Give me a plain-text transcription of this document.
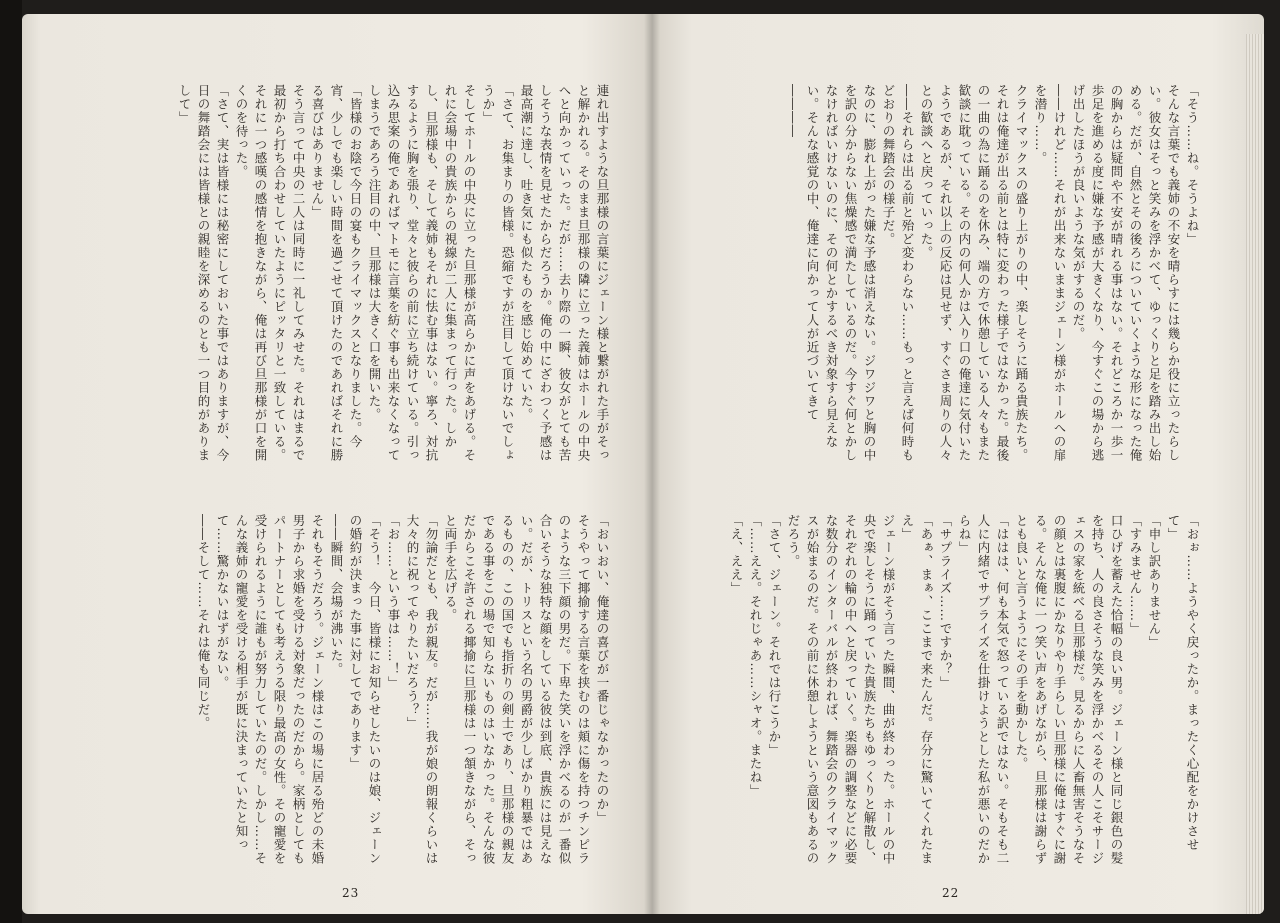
連れ出すような旦那様の言葉にジェーン様と繋がれた手がそっと解かれる。そのまま旦那様の隣に立った義姉はホールの中央へと向かっていった。だが……去り際の一瞬、彼女がとても苦しそうな表情を見せたからだろうか。俺の中にざわつく予感は最高潮に達し、吐き気にも似たものを感じ始めていた。
「さて、お集まりの皆様。恐縮ですが注目して頂けないでしょうか」
そしてホールの中央に立った旦那様が高らかに声をあげる。それに会場中の貴族からの視線が二人に集まって行った。しかし、旦那様も、そして義姉もそれに怯む事はない。寧ろ、対抗するように胸を張り、堂々と彼らの前に立ち続けている。引っ込み思案の俺であればマトモに言葉を紡ぐ事も出来なくなってしまうであろう注目の中、旦那様は大きく口を開いた。
「皆様のお陰で今日の宴もクライマックスとなりました。今宵、少しでも楽しい時間を過ごせて頂けたのであればそれに勝る喜びはありません」
そう言って中央の二人は同時に一礼してみせた。それはまるで最初から打ち合わせしていたようにピッタリと一致している。それに一つ感嘆の感情を抱きながら、俺は再び旦那様が口を開くのを待った。
「さて、実は皆様には秘密にしておいた事ではありますが、今日の舞踏会には皆様との親睦を深めるのとも一つ目的がありまして」
「おいおい、俺達の喜びが一番じゃなかったのか」
そうやって揶揄する言葉を挟むのは頬に傷を持つチンピラのような三下顔の男だ。下卑た笑いを浮かべるのが一番似合いそうな独特な顔をしている彼は到底、貴族には見えない。だが、トリスという名の男爵が少しばかり粗暴ではあるものの、この国でも指折りの剣士であり、旦那様の親友である事をこの場で知らないものはいなかった。そんな彼だからこそ許される揶揄に旦那様は一つ頷きながら、そっと両手を広げる。
「勿論だとも、我が親友。だが……我が娘の朗報くらいは大々的に祝ってやりたいだろう？」
「お……という事は……！」
「そう！　今日、皆様にお知らせしたいのは娘、ジェーンの婚約が決まった事に対してであります」
――瞬間、会場が沸いた。
それもそうだろう。ジェーン様はこの場に居る殆どの未婚男子から求婚を受ける対象だったのだから。家柄としてもパートナーとしても考えうる限り最高の女性。その寵愛を受けられるように誰もが努力していたのだ。しかし……そんな義姉の寵愛を受ける相手が既に決まっていたと知って……驚かないはずがない。
――そして……それは俺も同じだ。
23
「そう……ね。そうよね」
そんな言葉でも義姉の不安を晴らすには幾らか役に立ったらしい。彼女はそっと笑みを浮かべて、ゆっくりと足を踏み出し始める。だが、自然とその後ろについていくような形になった俺の胸からは疑問や不安が晴れる事はない。それどころか一歩一歩足を進める度に嫌な予感が大きくなり、今すぐこの場から逃げ出したほうが良いような気がするのだ。
――けれど……それが出来ないままジェーン様がホールへの扉を潜り……。
クライマックスの盛り上がりの中、楽しそうに踊る貴族たち。それは俺達が出る前とは特に変わった様子ではなかった。最後の一曲の為に踊るのを休み、端の方で休憩している人々もまた歓談に耽っている。その内の何人かは入り口の俺達に気付いたようであるが、それ以上の反応は見せず、すぐさま周りの人々との歓談へと戻っていった。
――それらは出る前と殆ど変わらない……もっと言えば何時もどおりの舞踏会の様子だ。
なのに、膨れ上がった嫌な予感は消えない。ジワジワと胸の中を訳の分からない焦燥感で満たしているのだ。今すぐ何とかしなければいけないのに、その何とかするべき対象すら見えない。そんな感覚の中、俺達に向かって人が近づいてきて――――
「おぉ……ようやく戻ったか。まったく心配をかけさせて」
「申し訳ありません」
「すみません……」
口ひげを蓄えた恰幅の良い男。ジェーン様と同じ銀色の髪を持ち、人の良さそうな笑みを浮かべるその人こそサージェスの家を統べる旦那様だ。見るからに人畜無害そうなその顔とは裏腹にかなりやり手らしい旦那様に俺はすぐに謝る。そんな俺に一つ笑い声をあげながら、旦那様は謝らずとも良いと言うようにその手を動かした。
「ははは、何も本気で怒っている訳ではない。そもそも二人に内緒でサプライズを仕掛けようとした私が悪いのだからね」
「サプライズ……ですか？」
「あぁ、まぁ、ここまで来たんだ。存分に驚いてくれたまえ」
ジェーン様がそう言った瞬間、曲が終わった。ホールの中央で楽しそうに踊っていた貴族たちもゆっくりと解散し、それぞれの輪の中へと戻っていく。楽器の調整などに必要な数分のインターバルが終われば、舞踏会のクライマックスが始まるのだ。その前に休憩しようという意図もあるのだろう。
「さて、ジェーン。それでは行こうか」
「……ええ。それじゃあ……シャオ。またね」
「え、ええ」
22
